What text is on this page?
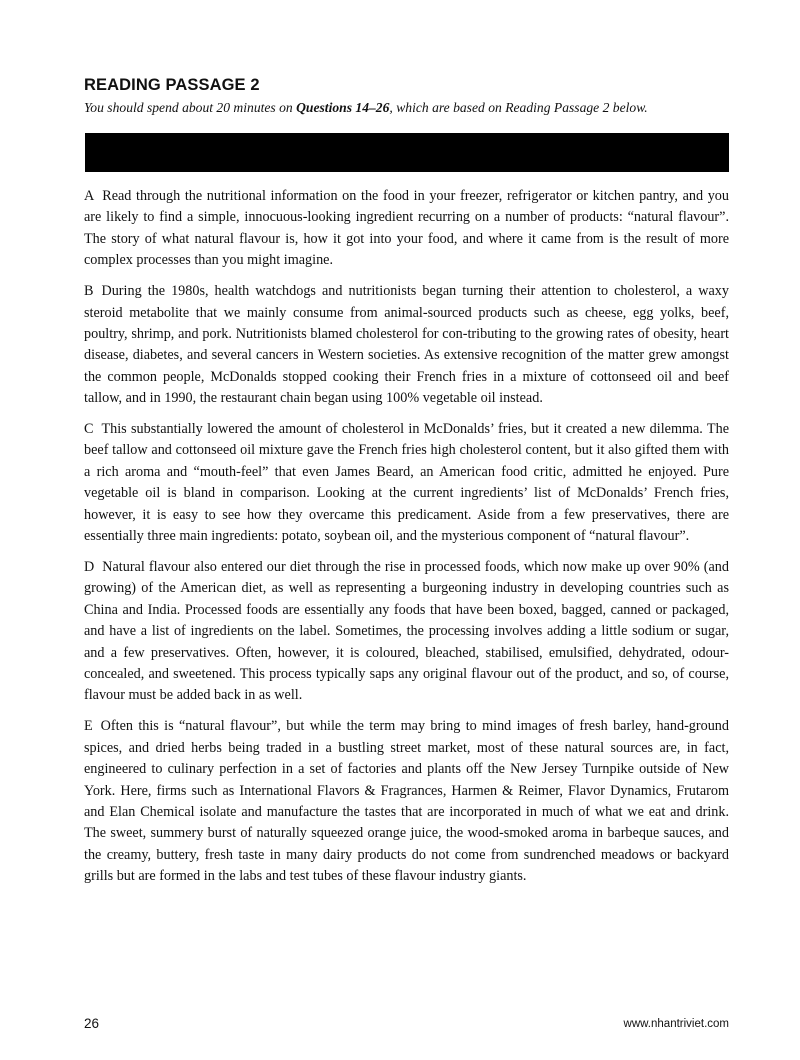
READING PASSAGE 2

You should spend about 20 minutes on Questions 14–26, which are based on Reading Passage 2 below.

A Read through the nutritional information on the food in your freezer, refrigerator or kitchen pantry, and you are likely to find a simple, innocuous-looking ingredient recurring on a number of products: “natural flavour”. The story of what natural flavour is, how it got into your food, and where it came from is the result of more complex processes than you might imagine.

B During the 1980s, health watchdogs and nutritionists began turning their attention to cholesterol, a waxy steroid metabolite that we mainly consume from animal-sourced products such as cheese, egg yolks, beef, poultry, shrimp, and pork. Nutritionists blamed cholesterol for con-tributing to the growing rates of obesity, heart disease, diabetes, and several cancers in Western societies. As extensive recognition of the matter grew amongst the common people, McDonalds stopped cooking their French fries in a mixture of cottonseed oil and beef tallow, and in 1990, the restaurant chain began using 100% vegetable oil instead.

C This substantially lowered the amount of cholesterol in McDonalds’ fries, but it created a new dilemma. The beef tallow and cottonseed oil mixture gave the French fries high cholesterol content, but it also gifted them with a rich aroma and “mouth-feel” that even James Beard, an American food critic, admitted he enjoyed. Pure vegetable oil is bland in comparison. Looking at the current ingredients’ list of McDonalds’ French fries, however, it is easy to see how they overcame this predicament. Aside from a few preservatives, there are essentially three main ingredients: potato, soybean oil, and the mysterious component of “natural flavour”.

D Natural flavour also entered our diet through the rise in processed foods, which now make up over 90% (and growing) of the American diet, as well as representing a burgeoning industry in developing countries such as China and India. Processed foods are essentially any foods that have been boxed, bagged, canned or packaged, and have a list of ingredients on the label. Sometimes, the processing involves adding a little sodium or sugar, and a few preservatives. Often, however, it is coloured, bleached, stabilised, emulsified, dehydrated, odour-concealed, and sweetened. This process typically saps any original flavour out of the product, and so, of course, flavour must be added back in as well.

E Often this is “natural flavour”, but while the term may bring to mind images of fresh barley, hand-ground spices, and dried herbs being traded in a bustling street market, most of these natural sources are, in fact, engineered to culinary perfection in a set of factories and plants off the New Jersey Turnpike outside of New York. Here, firms such as International Flavors & Fragrances, Harmen & Reimer, Flavor Dynamics, Frutarom and Elan Chemical isolate and manufacture the tastes that are incorporated in much of what we eat and drink. The sweet, summery burst of naturally squeezed orange juice, the wood-smoked aroma in barbeque sauces, and the creamy, buttery, fresh taste in many dairy products do not come from sundrenched meadows or backyard grills but are formed in the labs and test tubes of these flavour industry giants.

26	www.nhantriviet.com
